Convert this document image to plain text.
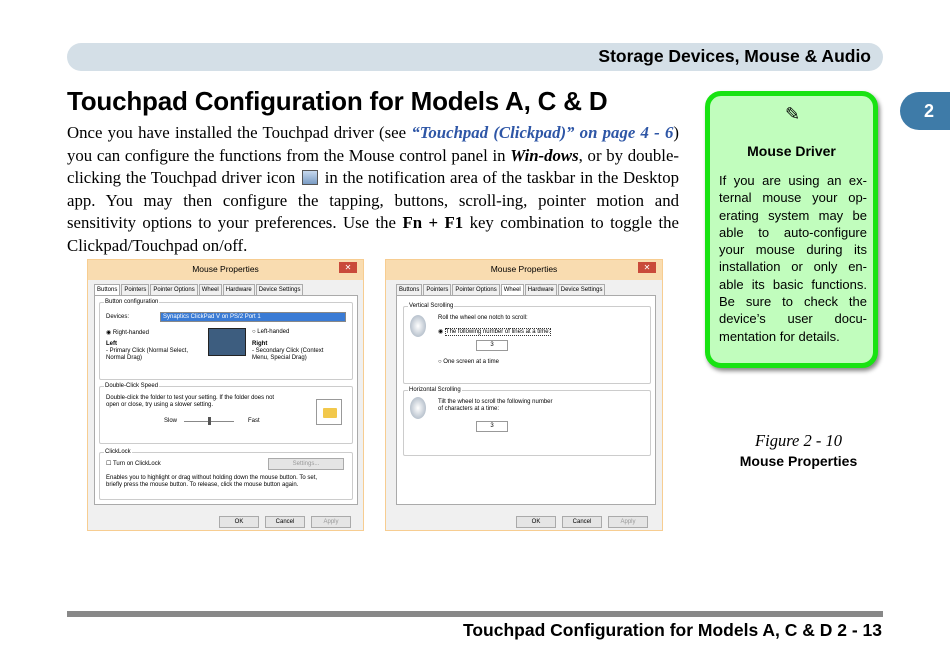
Storage Devices, Mouse & Audio
2
Touchpad Configuration for Models A, C & D
Once you have installed the Touchpad driver (see “Touchpad (Clickpad)” on page 4 - 6) you can configure the functions from the Mouse control panel in Win-dows, or by double-clicking the Touchpad driver icon  in the notification area of the taskbar in the Desktop app. You may then configure the tapping, buttons, scroll-ing, pointer motion and sensitivity options to your preferences. Use the Fn + F1 key combination to toggle the Clickpad/Touchpad on/off.
✎
Mouse Driver
If you are using an ex-ternal mouse your op-erating system may be able to auto-configure your mouse during its installation or only en-able its basic functions. Be sure to check the device’s user docu-mentation for details.
Figure 2 - 10
Mouse Properties
Mouse Properties	✕
Buttons	Pointers	Pointer Options	Wheel	Hardware	Device Settings
Button configuration
Devices:	Synaptics ClickPad V on PS/2 Port 1
◉ Right-handed	○ Left-handed
Left
- Primary Click (Normal Select,
Normal Drag)
Right
- Secondary Click (Context
Menu, Special Drag)
Double-Click Speed
Double-click the folder to test your setting. If the folder does not
open or close, try using a slower setting.
Slow	Fast
ClickLock
☐ Turn on ClickLock	Settings...
Enables you to highlight or drag without holding down the mouse button. To set,
briefly press the mouse button. To release, click the mouse button again.
OK	Cancel	Apply
Mouse Properties	✕
Buttons	Pointers	Pointer Options	Wheel	Hardware	Device Settings
Vertical Scrolling
Roll the wheel one notch to scroll:
◉ The following number of lines at a time:
3
○ One screen at a time
Horizontal Scrolling
Tilt the wheel to scroll the following number
of characters at a time:
3
OK	Cancel	Apply
Touchpad Configuration for Models A, C & D 2 - 13
